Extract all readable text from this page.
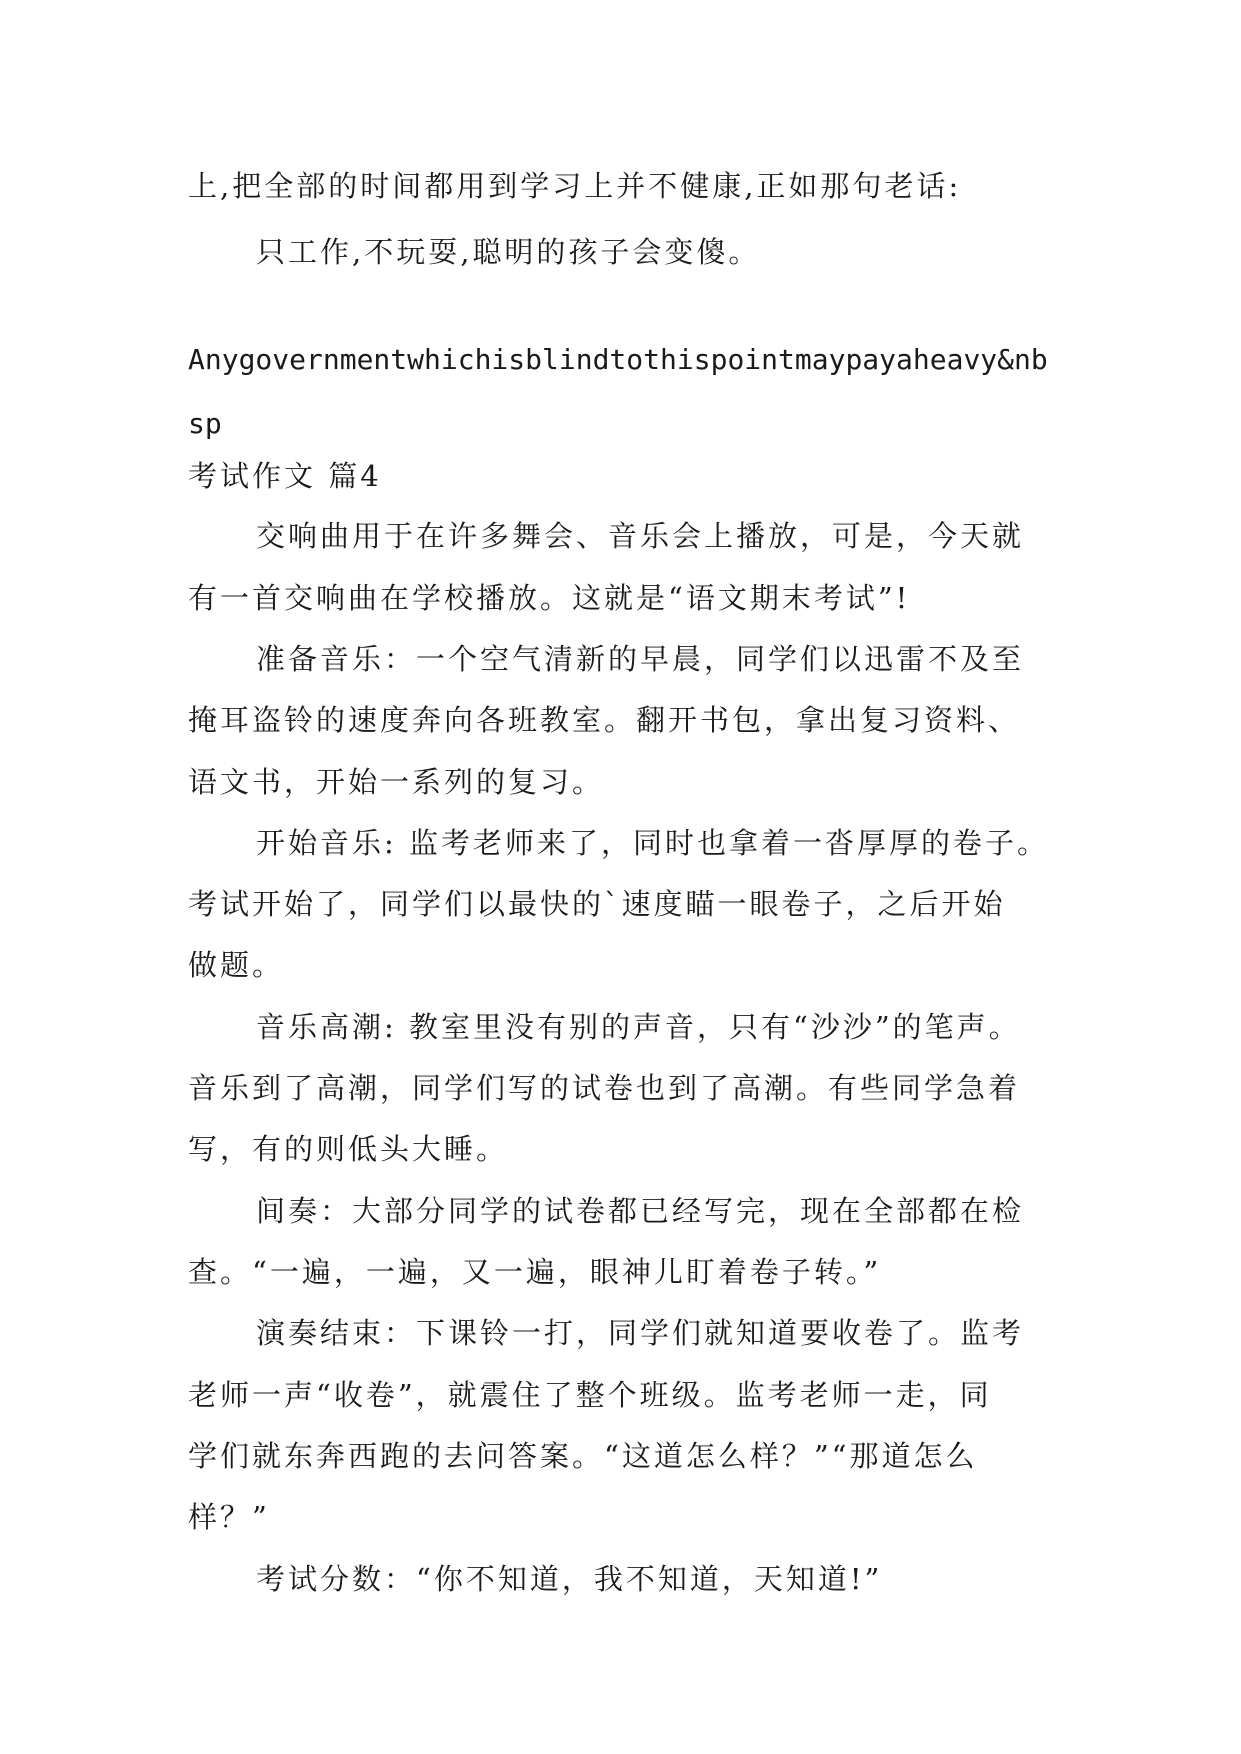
上,把全部的时间都用到学习上并不健康,正如那句老话:
只工作,不玩耍,聪明的孩子会变傻。
Anygovernmentwhichisblindtothispointmaypayaheavy&nb
sp
考试作文 篇4
交响曲用于在许多舞会、音乐会上播放，可是，今天就
有一首交响曲在学校播放。这就是“语文期末考试”!
准备音乐：一个空气清新的早晨，同学们以迅雷不及至
掩耳盗铃的速度奔向各班教室。翻开书包，拿出复习资料、
语文书，开始一系列的复习。
开始音乐: 监考老师来了，同时也拿着一沓厚厚的卷子。
考试开始了，同学们以最快的`速度瞄一眼卷子，之后开始
做题。
音乐高潮: 教室里没有别的声音，只有“沙沙”的笔声。
音乐到了高潮，同学们写的试卷也到了高潮。有些同学急着
写，有的则低头大睡。
间奏：大部分同学的试卷都已经写完，现在全部都在检
查。“一遍，一遍，又一遍，眼神儿盯着卷子转。”
演奏结束：下课铃一打，同学们就知道要收卷了。监考
老师一声“收卷”，就震住了整个班级。监考老师一走，同
学们就东奔西跑的去问答案。“这道怎么样？”“那道怎么
样？”
考试分数：“你不知道，我不知道，天知道!”
